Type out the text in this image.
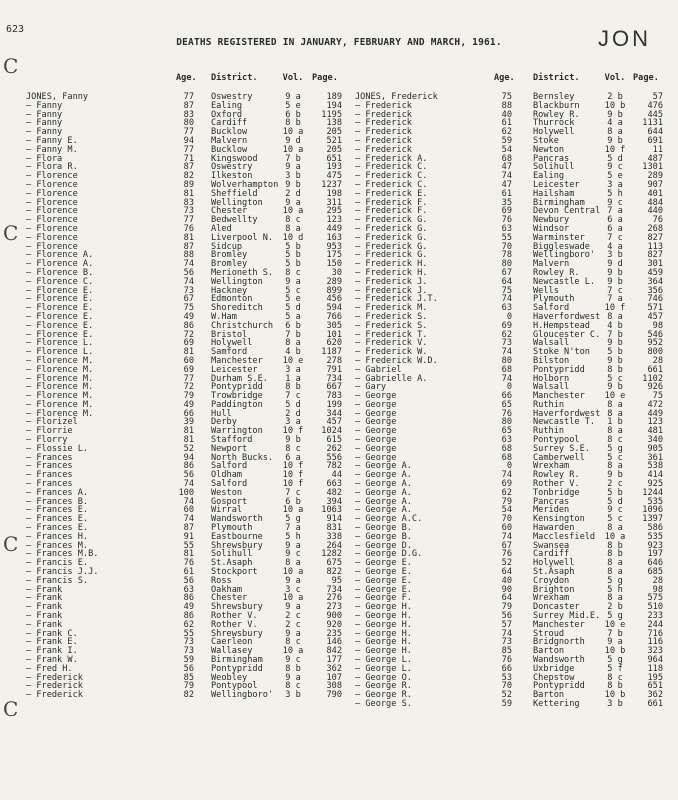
623
DEATHS REGISTERED IN JANUARY, FEBRUARY AND MARCH, 1961.	JON
C
C
C
C
Age. District.	Vol. Page.
JONES, Fanny	77 Oswestry	9 a	189
— Fanny	87 Ealing	5 e	194
— Fanny	83 Oxford	6 b	1195
— Fanny	80 Cardiff	8 b	138
— Fanny	77 Bucklow	10 a	205
— Fanny E.	94 Malvern	9 d	521
— Fanny M.	77 Bucklow	10 a	205
— Flora	71 Kingswood	7 b	651
— Flora R.	87 Oswestry	9 a	193
— Florence	82 Ilkeston	3 b	475
— Florence	89 Wolverhampton 9 b	1237
— Florence	81 Sheffield	2 d	198
— Florence	83 Wellington	9 a	311
— Florence	73 Chester	10 a	295
— Florence	77 Bedwellty	8 c	123
— Florence	76 Aled	8 a	449
— Florence	81 Liverpool N. 10 d	163
— Florence	87 Sidcup	5 b	953
— Florence A.	88 Bromley	5 b	175
— Florence A.	74 Bromley	5 b	150
— Florence B.	56 Merioneth S.	8 c	30
— Florence C.	74 Wellington	9 a	289
— Florence E.	73 Hackney	5 c	899
— Florence E.	67 Edmonton	5 e	456
— Florence E.	75 Shoreditch	5 d	594
— Florence E.	49 W.Ham	5 a	766
— Florence E.	86 Christchurch	6 b	305
— Florence E.	72 Bristol	7 b	101
— Florence L.	69 Holywell	8 a	620
— Florence L.	81 Samford	4 b	1187
— Florence M.	60 Manchester 10 e	278
— Florence M.	69 Leicester	3 a	791
— Florence M.	77 Durham S.E.	1 a	734
— Florence M.	72 Pontypridd	8 b	667
— Florence M.	79 Trowbridge	7 c	783
— Florence M.	49 Paddington	5 d	199
— Florence M.	66 Hull	2 d	344
— Florizel	39 Derby	3 a	457
— Florrie	81 Warrington 10 f	1024
— Florry	81 Stafford	9 b	615
— Flossie L.	52 Newport	8 c	262
— Frances	94 North Bucks.	6 a	556
— Frances	86 Salford	10 f	782
— Frances	56 Oldham	10 f	44
— Frances	74 Salford	10 f	663
— Frances A.	100 Weston	7 c	482
— Frances B.	74 Gosport	6 b	394
— Frances E.	60 Wirral	10 a	1063
— Frances E.	74 Wandsworth	5 g	914
— Frances E.	87 Plymouth	7 a	831
— Frances H.	91 Eastbourne	5 h	338
— Frances M.	55 Shrewsbury	9 a	264
— Frances M.B.	81 Solihull	9 c	1282
— Francis E.	76 St.Asaph	8 a	675
— Francis J.J.	61 Stockport	10 a	822
— Francis S.	56 Ross	9 a	95
— Frank	63 Oakham	3 c	734
— Frank	86 Chester	10 a	276
— Frank	49 Shrewsbury	9 a	273
— Frank	86 Rother V.	2 c	900
— Frank	62 Rother V.	2 c	920
— Frank C.	55 Shrewsbury	9 a	235
— Frank E.	73 Caerleon	8 c	146
— Frank I.	73 Wallasey	10 a	842
— Frank W.	59 Birmingham	9 c	177
— Fred H.	56 Pontypridd	8 b	362
— Frederick	85 Weobley	9 a	107
— Frederick	79 Pontypool	8 c	308
— Frederick	82 Wellingboro'	3 b	790
Age. District.	Vol. Page.
JONES, Frederick	75 Bernsley	2 b	57
— Frederick	88 Blackburn	10 b	476
— Frederick	40 Rowley R.	9 b	445
— Frederick	61 Thurrock	4 a	1131
— Frederick	62 Holywell	8 a	644
— Frederick	59 Stoke	9 b	691
— Frederick	54 Newton	10 f	11
— Frederick A.	68 Pancras	5 d	487
— Frederick C.	47 Solihull	9 c	1301
— Frederick C.	74 Ealing	5 e	289
— Frederick C.	47 Leicester	3 a	907
— Frederick E.	61 Hailsham	5 h	401
— Frederick F.	35 Birmingham	9 c	484
— Frederick F.	69 Devon Central 7 a	440
— Frederick G.	76 Newbury	6 a	76
— Frederick G.	63 Windsor	6 a	268
— Frederick G.	55 Warminster	7 c	827
— Frederick G.	70 Biggleswade	4 a	113
— Frederick G.	78 Wellingboro'	3 b	827
— Frederick H.	80 Malvern	9 d	301
— Frederick H.	67 Rowley R.	9 b	459
— Frederick J.	64 Newcastle L.	9 b	364
— Frederick J.	75 Wells	7 c	356
— Frederick J.T.	74 Plymouth	7 a	746
— Frederick M.	63 Salford	10 f	571
— Frederick S.	0 Haverfordwest 8 a	457
— Frederick S.	69 H.Hempstead	4 b	98
— Frederick T.	62 Gloucester C. 7 b	546
— Frederick V.	73 Walsall	9 b	952
— Frederick W.	74 Stoke N'ton	5 b	800
— Frederick W.D.	80 Bilston	9 b	28
— Gabriel	68 Pontypridd	8 b	661
— Gabrielle A.	74 Holborn	5 c	1102
— Gary	0 Walsall	9 b	926
— George	66 Manchester 10 e	75
— George	65 Ruthin	8 a	472
— George	76 Haverfordwest 8 a	449
— George	80 Newcastle T.	1 b	123
— George	65 Ruthin	8 a	481
— George	63 Pontypool	8 c	340
— George	68 Surrey S.E.	5 g	905
— George	68 Camberwell	5 c	361
— George A.	0 Wrexham	8 a	538
— George A.	74 Rowley R.	9 b	414
— George A.	69 Rother V.	2 c	925
— George A.	62 Tonbridge	5 b	1244
— George A.	79 Pancras	5 d	535
— George A.	54 Meriden	9 c	1096
— George A.C.	70 Kensington	5 c	1397
— George B.	60 Hawarden	8 a	586
— George B.	74 Macclesfield 10 a	535
— George D.	67 Swansea	8 b	923
— George D.G.	76 Cardiff	8 b	197
— George E.	52 Holywell	8 a	646
— George E.	64 St.Asaph	8 a	685
— George E.	40 Croydon	5 g	28
— George E.	90 Brighton	5 h	98
— George F.	64 Wrexham	8 a	575
— George H.	79 Doncaster	2 b	510
— George H.	56 Surrey Mid.E. 5 g	233
— George H.	57 Manchester 10 e	244
— George H.	74 Stroud	7 b	716
— George H.	73 Bridgnorth	9 a	116
— George H.	85 Barton	10 b	323
— George L.	76 Wandsworth	5 g	964
— George L.	66 Uxbridge	5 f	118
— George O.	53 Chepstow	8 c	195
— George R.	70 Pontypridd	8 b	651
— George R.	52 Barton	10 b	362
— George S.	59 Kettering	3 b	661
